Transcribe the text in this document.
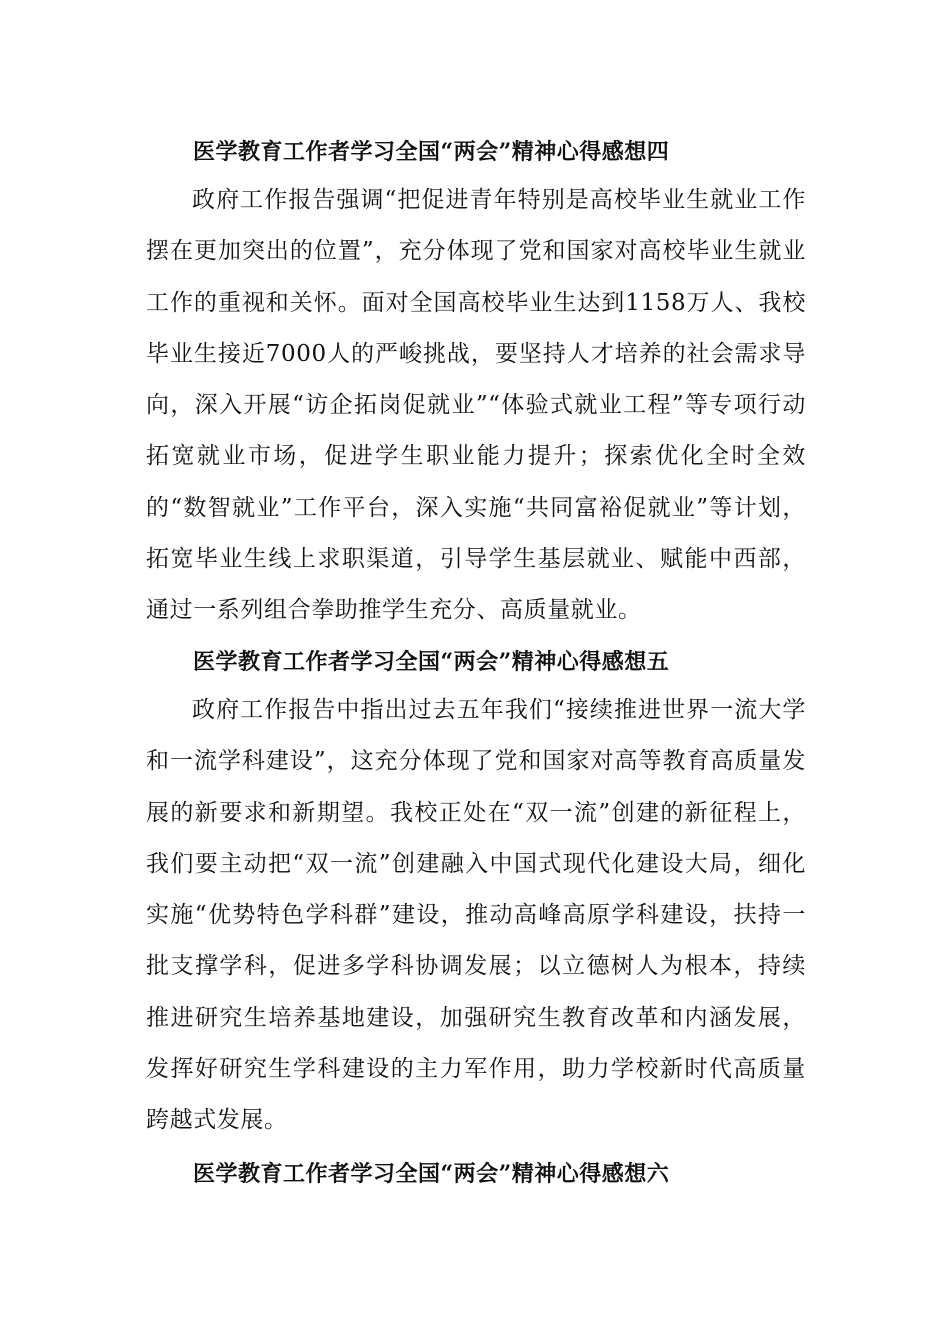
医学教育工作者学习全国“两会”精神心得感想四
政府工作报告强调“把促进青年特别是高校毕业生就业工作摆在更加突出的位置”，充分体现了党和国家对高校毕业生就业工作的重视和关怀。面对全国高校毕业生达到1158万人、我校毕业生接近7000人的严峻挑战，要坚持人才培养的社会需求导向，深入开展“访企拓岗促就业”“体验式就业工程”等专项行动拓宽就业市场，促进学生职业能力提升；探索优化全时全效的“数智就业”工作平台，深入实施“共同富裕促就业”等计划，拓宽毕业生线上求职渠道，引导学生基层就业、赋能中西部，通过一系列组合拳助推学生充分、高质量就业。
医学教育工作者学习全国“两会”精神心得感想五
政府工作报告中指出过去五年我们“接续推进世界一流大学和一流学科建设”，这充分体现了党和国家对高等教育高质量发展的新要求和新期望。我校正处在“双一流”创建的新征程上，我们要主动把“双一流”创建融入中国式现代化建设大局，细化实施“优势特色学科群”建设，推动高峰高原学科建设，扶持一批支撑学科，促进多学科协调发展；以立德树人为根本，持续推进研究生培养基地建设，加强研究生教育改革和内涵发展，发挥好研究生学科建设的主力军作用，助力学校新时代高质量跨越式发展。
医学教育工作者学习全国“两会”精神心得感想六
